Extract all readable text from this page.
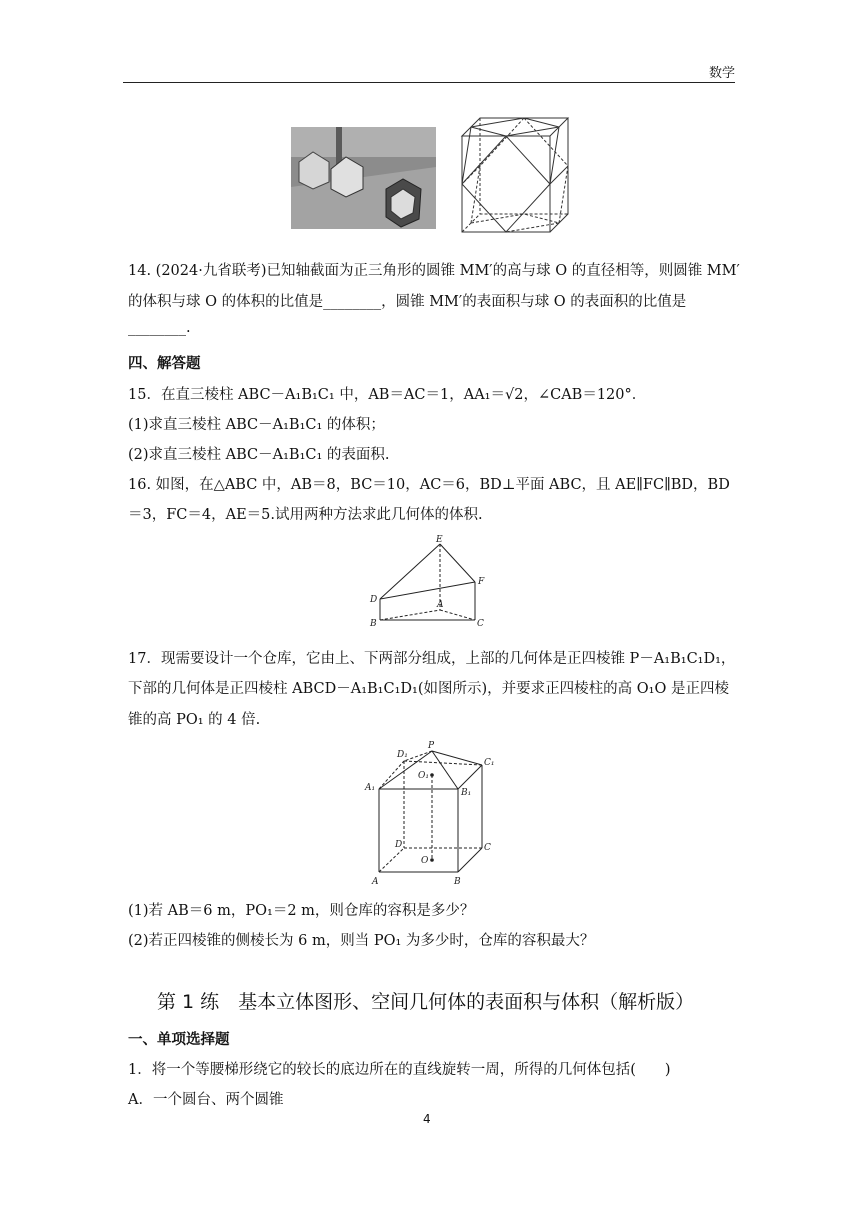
数学
14. (2024·九省联考)已知轴截面为正三角形的圆锥 MM′的高与球 O 的直径相等，则圆锥 MM′
的体积与球 O 的体积的比值是________，圆锥 MM′的表面积与球 O 的表面积的比值是
________.
四、解答题
15．在直三棱柱 ABC－A₁B₁C₁ 中，AB＝AC＝1，AA₁＝√2，∠CAB＝120°．
(1)求直三棱柱 ABC－A₁B₁C₁ 的体积；
(2)求直三棱柱 ABC－A₁B₁C₁ 的表面积.
16. 如图，在△ABC 中，AB＝8，BC＝10，AC＝6，BD⊥平面 ABC，且 AE∥FC∥BD，BD
＝3，FC＝4，AE＝5.试用两种方法求此几何体的体积.
E
F
D	A
B	C
17．现需要设计一个仓库，它由上、下两部分组成，上部的几何体是正四棱锥 P－A₁B₁C₁D₁，
下部的几何体是正四棱柱 ABCD－A₁B₁C₁D₁(如图所示)，并要求正四棱柱的高 O₁O 是正四棱
锥的高 PO₁ 的 4 倍.
P
D₁
C₁
O₁
A₁	B₁
D	C
O
A	B
(1)若 AB＝6 m，PO₁＝2 m，则仓库的容积是多少？
(2)若正四棱锥的侧棱长为 6 m，则当 PO₁ 为多少时，仓库的容积最大？
第 1 练　基本立体图形、空间几何体的表面积与体积（解析版）
一、单项选择题
1．将一个等腰梯形绕它的较长的底边所在的直线旋转一周，所得的几何体包括(　　)
A．一个圆台、两个圆锥
4
